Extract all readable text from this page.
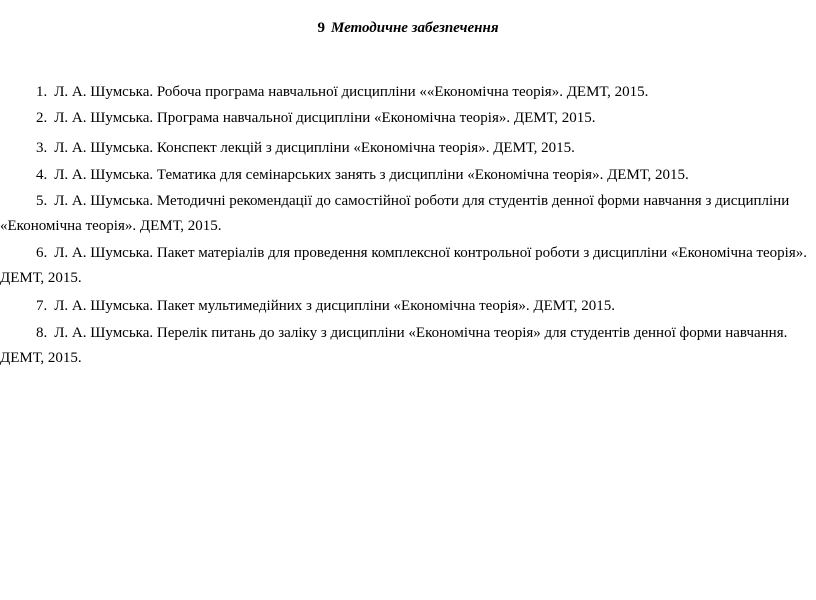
9 Методичне забезпечення
1. Л. А. Шумська. Робоча програма навчальної дисципліни ««Економічна теорія». ДЕМТ, 2015.
2. Л. А. Шумська. Програма навчальної дисципліни «Економічна теорія». ДЕМТ, 2015.
3. Л. А. Шумська. Конспект лекцій з дисципліни «Економічна теорія». ДЕМТ, 2015.
4. Л. А. Шумська. Тематика для семінарських занять з дисципліни «Економічна теорія». ДЕМТ, 2015.
5. Л. А. Шумська. Методичні рекомендації до самостійної роботи для студентів денної форми навчання з дисципліни «Економічна теорія». ДЕМТ, 2015.
6. Л. А. Шумська. Пакет матеріалів для проведення комплексної контрольної роботи з дисципліни «Економічна теорія». ДЕМТ, 2015.
7. Л. А. Шумська. Пакет мультимедійних з дисципліни «Економічна теорія». ДЕМТ, 2015.
8. Л. А. Шумська. Перелік питань до заліку з дисципліни «Економічна теорія» для студентів денної форми навчання. ДЕМТ, 2015.
